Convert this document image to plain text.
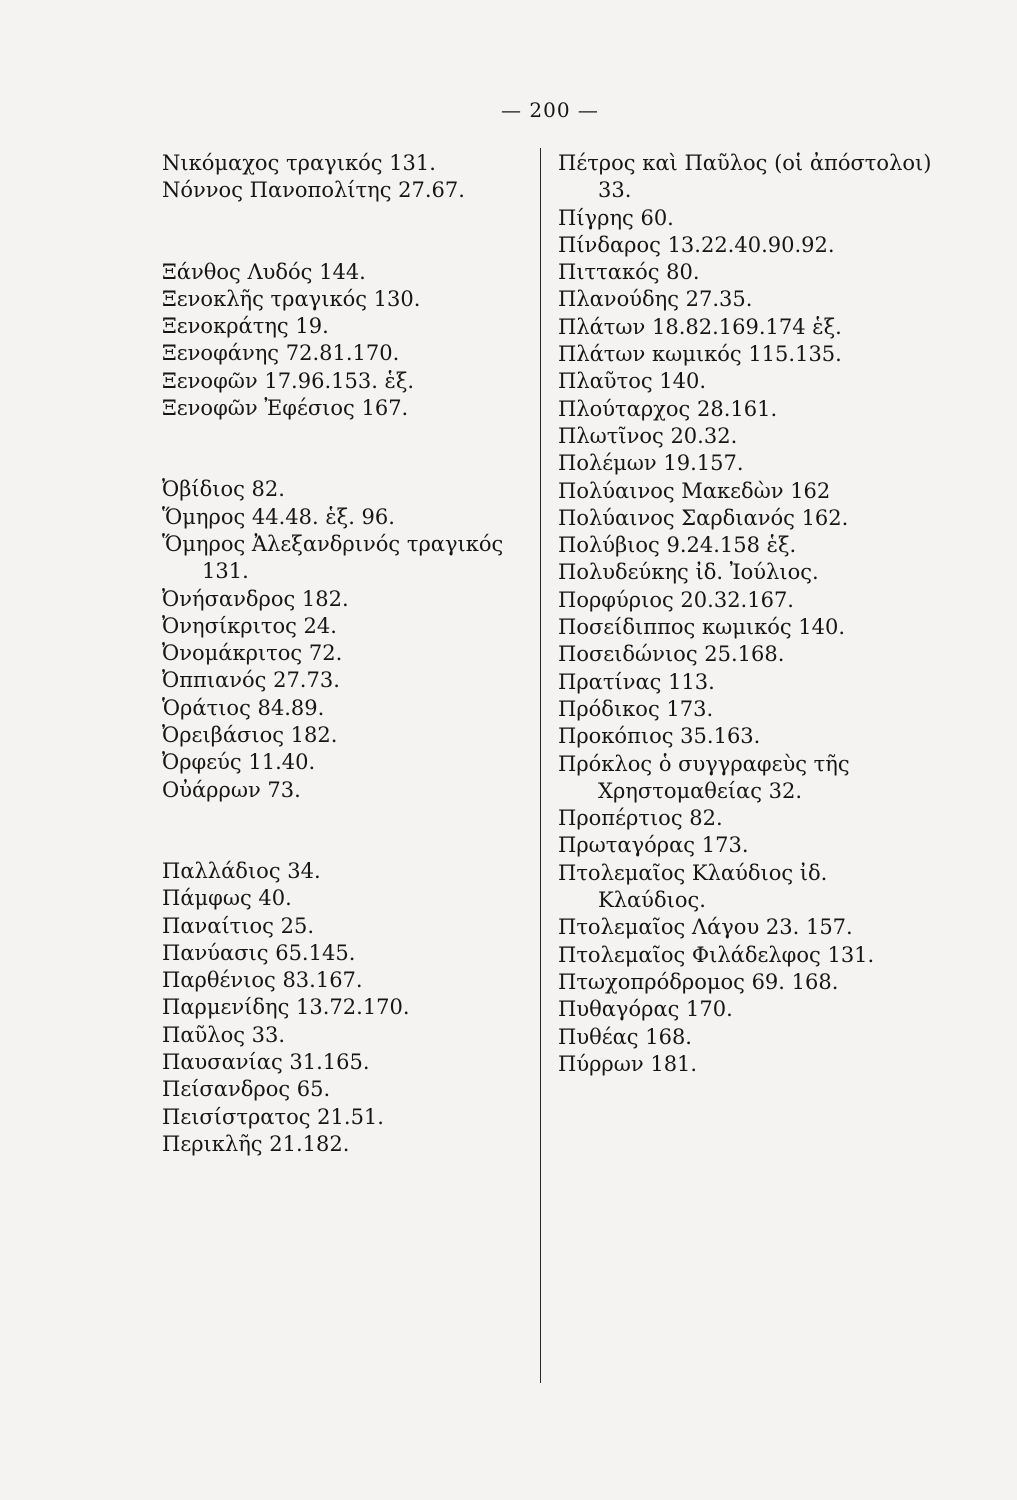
— 200 —
Νικόμαχος τραγικός 131.
Νόννος Πανοπολίτης 27.67.
Ξάνθος Λυδός 144.
Ξενοκλῆς τραγικός 130.
Ξενοκράτης 19.
Ξενοφάνης 72.81.170.
Ξενοφῶν 17.96.153. ἑξ.
Ξενοφῶν Ἐφέσιος 167.
Ὀβίδιος 82.
Ὅμηρος 44.48. ἑξ. 96.
Ὅμηρος Ἀλεξανδρινός τραγικός 131.
Ὀνήσανδρος 182.
Ὀνησίκριτος 24.
Ὀνομάκριτος 72.
Ὀππιανός 27.73.
Ὁράτιος 84.89.
Ὀρειβάσιος 182.
Ὀρφεύς 11.40.
Οὐάρρων 73.
Παλλάδιος 34.
Πάμφως 40.
Παναίτιος 25.
Πανύασις 65.145.
Παρθένιος 83.167.
Παρμενίδης 13.72.170.
Παῦλος 33.
Παυσανίας 31.165.
Πείσανδρος 65.
Πεισίστρατος 21.51.
Περικλῆς 21.182.
Πέτρος καὶ Παῦλος (οἱ ἀπόστολοι) 33.
Πίγρης 60.
Πίνδαρος 13.22.40.90.92.
Πιττακός 80.
Πλανούδης 27.35.
Πλάτων 18.82.169.174 ἑξ.
Πλάτων κωμικός 115.135.
Πλαῦτος 140.
Πλούταρχος 28.161.
Πλωτῖνος 20.32.
Πολέμων 19.157.
Πολύαινος Μακεδὼν 162
Πολύαινος Σαρδιανός 162.
Πολύβιος 9.24.158 ἑξ.
Πολυδεύκης ἰδ. Ἰούλιος.
Πορφύριος 20.32.167.
Ποσείδιππος κωμικός 140.
Ποσειδώνιος 25.168.
Πρατίνας 113.
Πρόδικος 173.
Προκόπιος 35.163.
Πρόκλος ὁ συγγραφεὺς τῆς Χρηστομαθείας 32.
Προπέρτιος 82.
Πρωταγόρας 173.
Πτολεμαῖος Κλαύδιος ἰδ. Κλαύδιος.
Πτολεμαῖος Λάγου 23. 157.
Πτολεμαῖος Φιλάδελφος 131.
Πτωχοπρόδρομος 69. 168.
Πυθαγόρας 170.
Πυθέας 168.
Πύρρων 181.
